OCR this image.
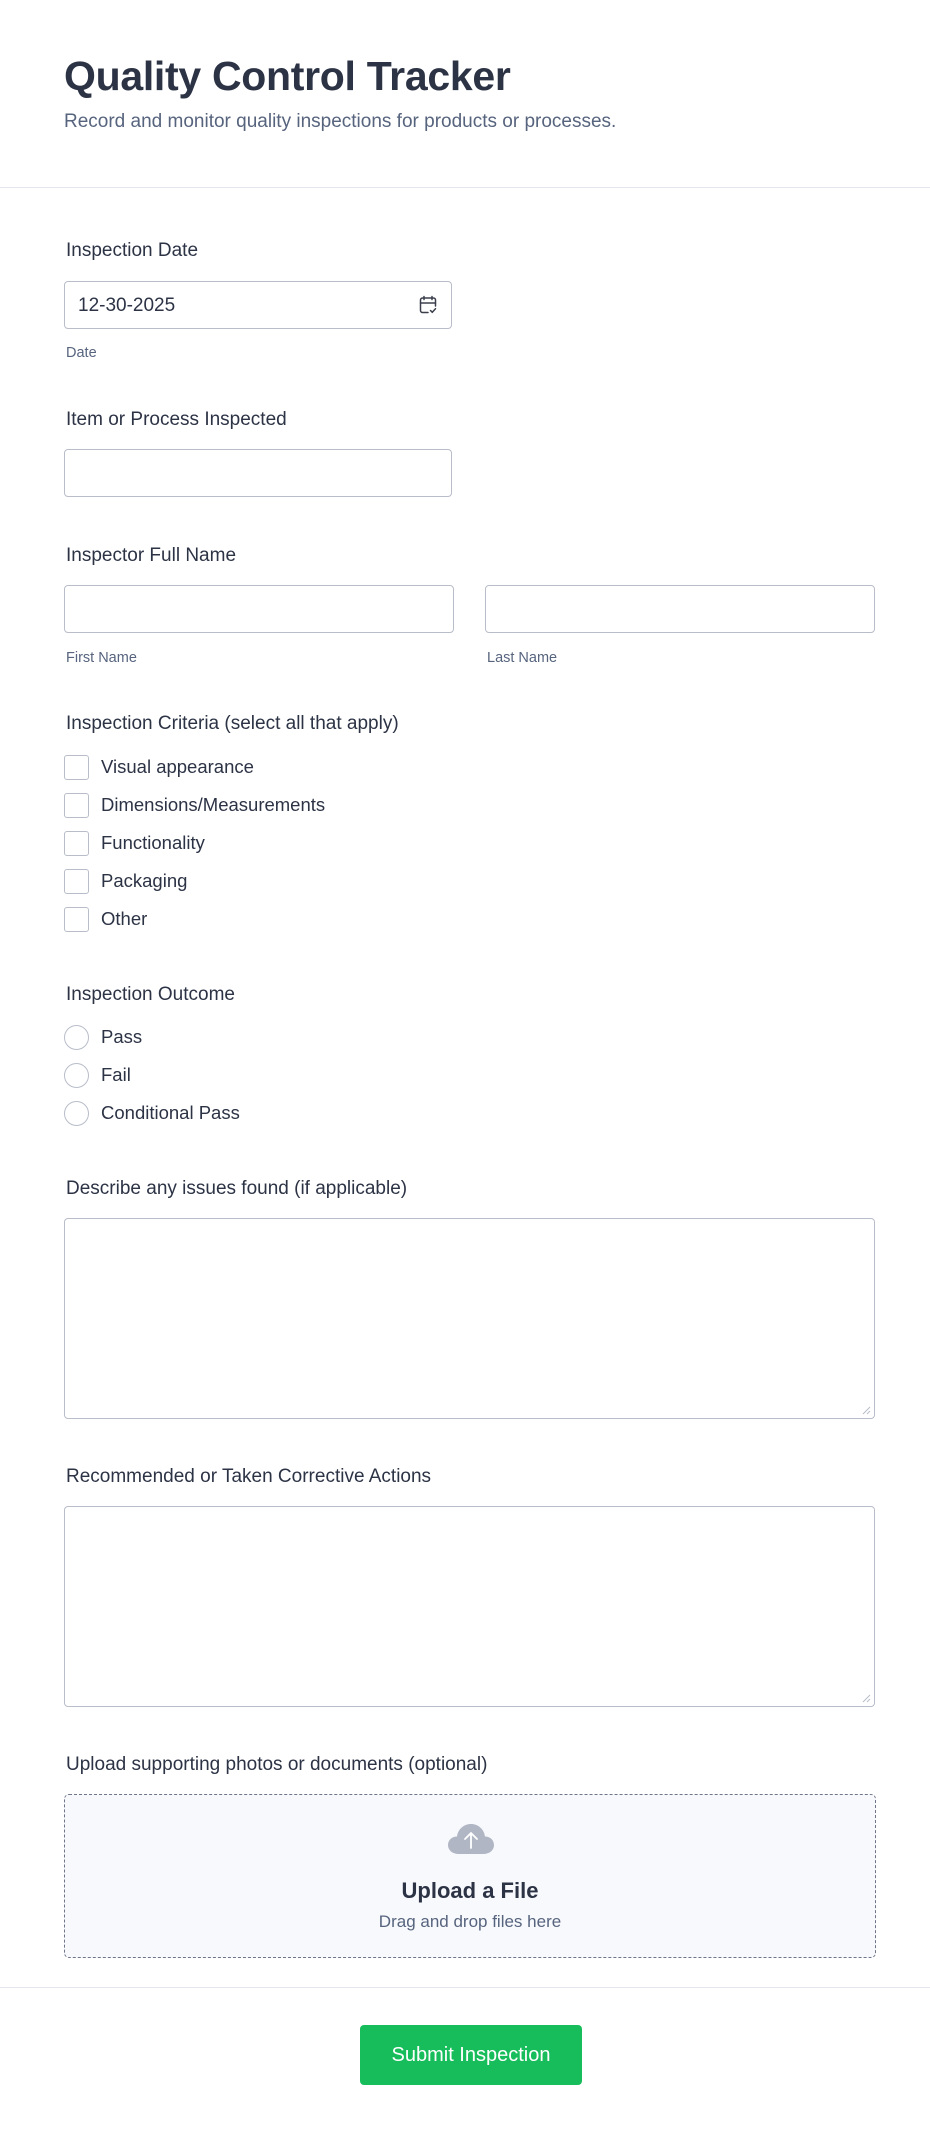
Quality Control Tracker

Record and monitor quality inspections for products or processes.

Inspection Date
12-30-2025
Date
Item or Process Inspected
Inspector Full Name
First Name	Last Name
Inspection Criteria (select all that apply)
Visual appearance
Dimensions/Measurements
Functionality
Packaging
Other
Inspection Outcome
Pass
Fail
Conditional Pass
Describe any issues found (if applicable)
Recommended or Taken Corrective Actions
Upload supporting photos or documents (optional)
Upload a File
Drag and drop files here
Submit Inspection
